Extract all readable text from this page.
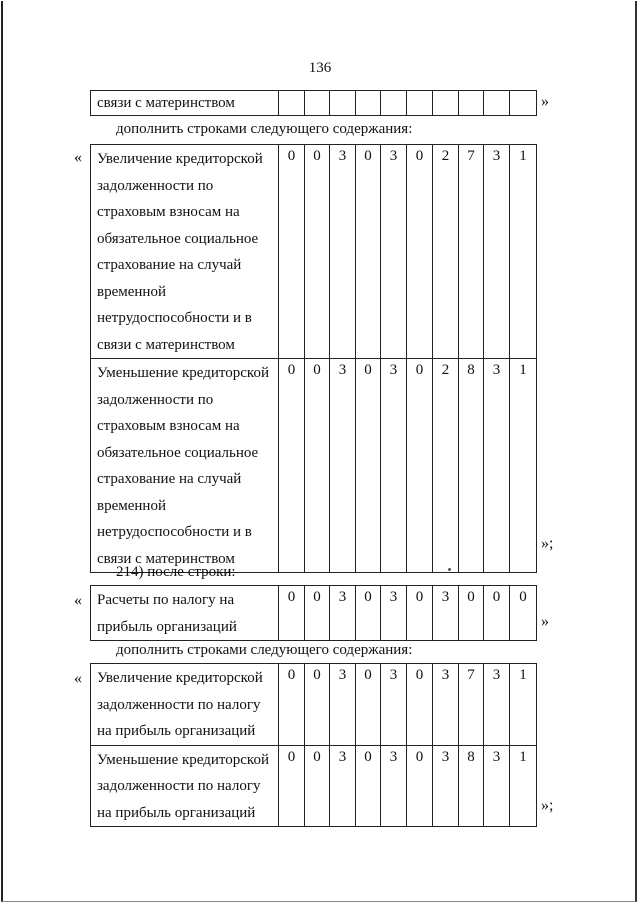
136
связи с материнством											»
дополнить строками следующего содержания:
« Увеличение кредиторской задолженности по страховым взносам на обязательное социальное страхование на случай временной нетрудоспособности и в связи с материнством	0	0	3	0	3	0	2	7	3	1
Уменьшение кредиторской задолженности по страховым взносам на обязательное социальное страхование на случай временной нетрудоспособности и в связи с материнством	0	0	3	0	3	0	2	8	3	1
»;
214) после строки:
« Расчеты по налогу на прибыль организаций	0	0	3	0	3	0	3	0	0	0
»
дополнить строками следующего содержания:
« Увеличение кредиторской задолженности по налогу на прибыль организаций	0	0	3	0	3	0	3	7	3	1
Уменьшение кредиторской задолженности по налогу на прибыль организаций	0	0	3	0	3	0	3	8	3	1
»;
